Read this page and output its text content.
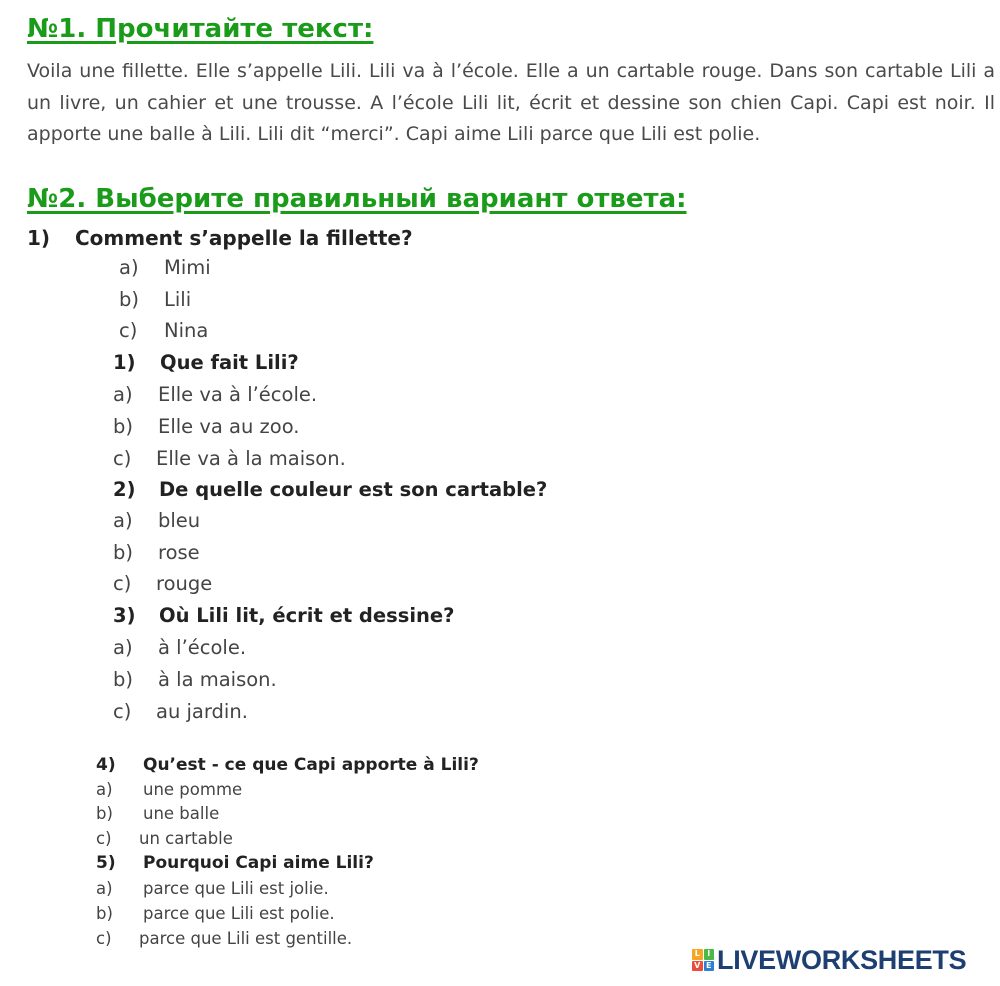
№1. Прочитайте текст:
Voila une fillette. Elle s’appelle Lili. Lili va à l’école. Elle a un cartable rouge. Dans son cartable Lili a un livre, un cahier et une trousse. A l’école Lili lit, écrit et dessine son chien Capi. Capi est noir. Il apporte une balle à Lili. Lili dit “merci”. Capi aime Lili parce que Lili est polie.
№2. Выберите правильный вариант ответа:
1) Comment s’appelle la fillette?
a) Mimi
b) Lili
c) Nina
1) Que fait Lili?
a) Elle va à l’école.
b) Elle va au zoo.
c) Elle va à la maison.
2) De quelle couleur est son cartable?
a) bleu
b) rose
c) rouge
3) Où Lili lit, écrit et dessine?
a) à l’école.
b) à la maison.
c) au jardin.
4) Qu’est - ce que Capi apporte à Lili?
a) une pomme
b) une balle
c) un cartable
5) Pourquoi Capi aime Lili?
a) parce que Lili est jolie.
b) parce que Lili est polie.
c) parce que Lili est gentille.
L I
V E LIVEWORKSHEETS
